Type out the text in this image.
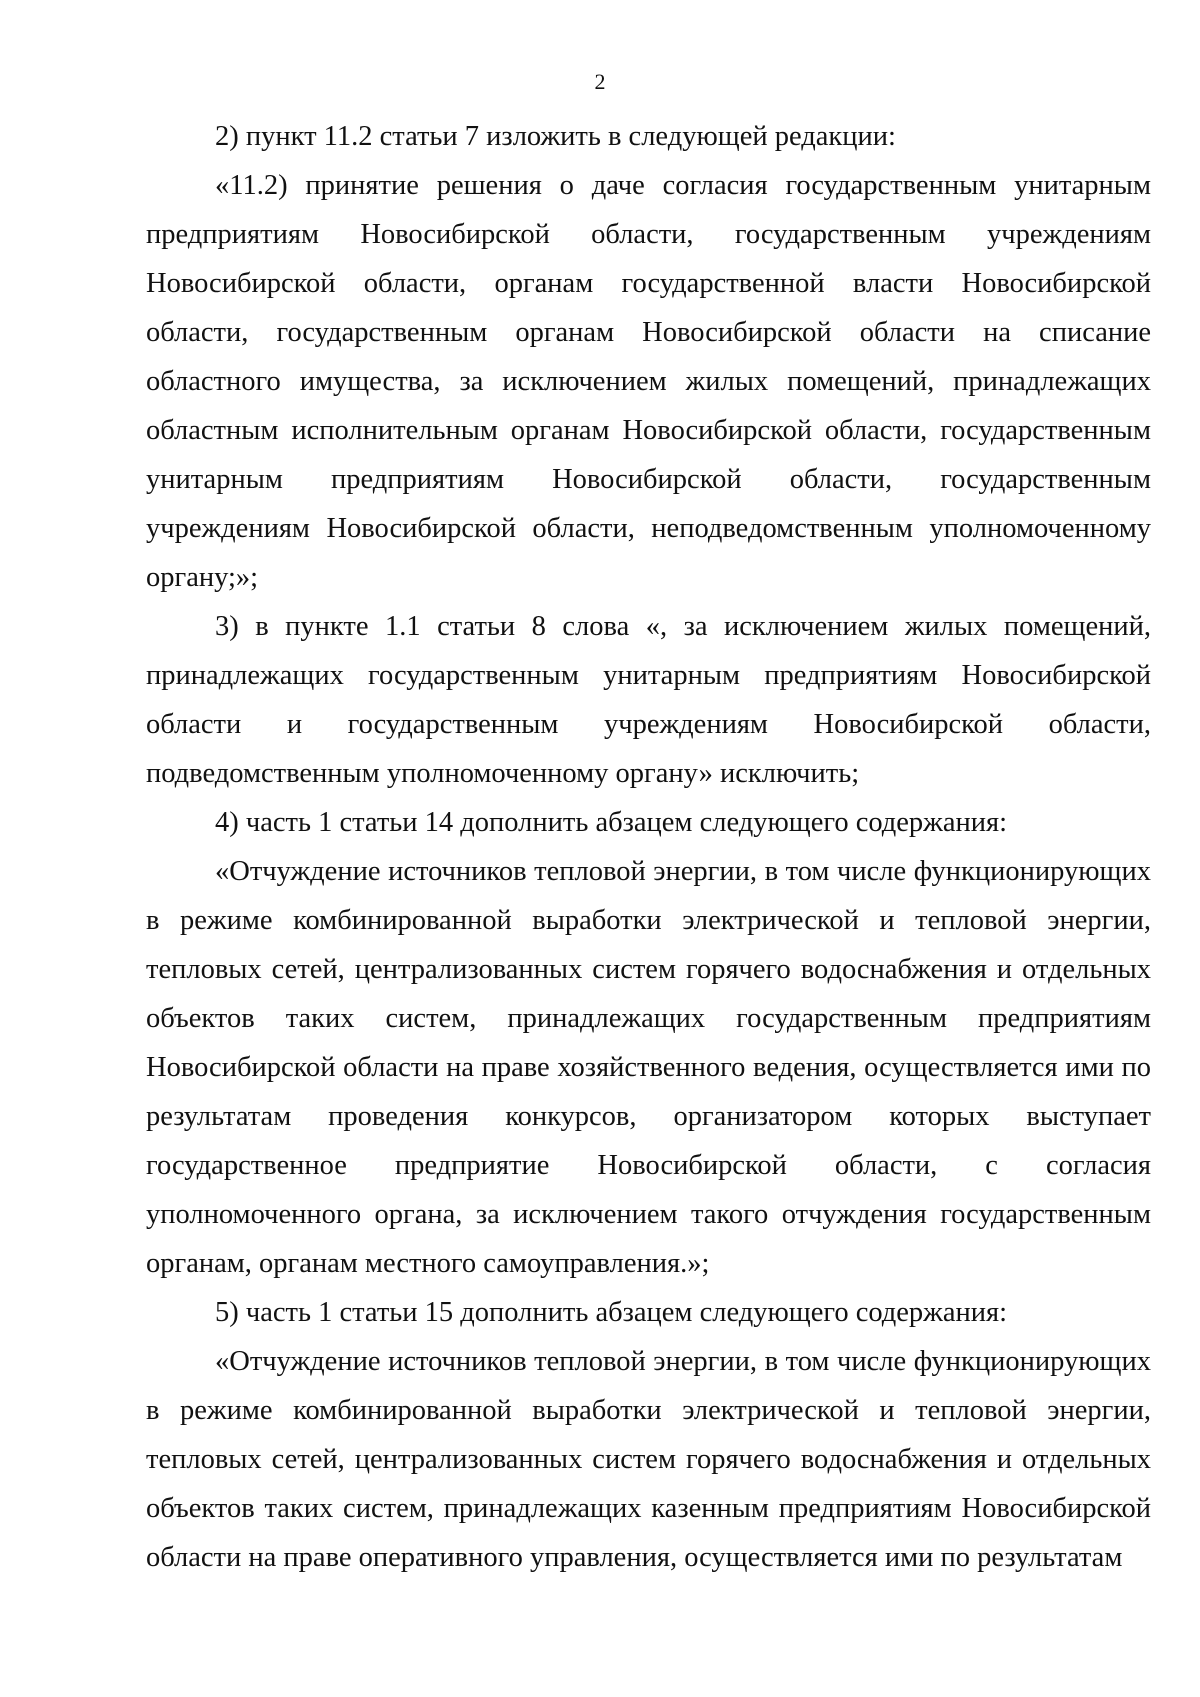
2

2) пункт 11.2 статьи 7 изложить в следующей редакции:

«11.2) принятие решения о даче согласия государственным унитарным предприятиям Новосибирской области, государственным учреждениям Новосибирской области, органам государственной власти Новосибирской области, государственным органам Новосибирской области на списание областного имущества, за исключением жилых помещений, принадлежащих областным исполнительным органам Новосибирской области, государственным унитарным предприятиям Новосибирской области, государственным учреждениям Новосибирской области, неподведомственным уполномоченному органу;»;

3) в пункте 1.1 статьи 8 слова «, за исключением жилых помещений, принадлежащих государственным унитарным предприятиям Новосибирской области и государственным учреждениям Новосибирской области, подведомственным уполномоченному органу» исключить;

4) часть 1 статьи 14 дополнить абзацем следующего содержания:

«Отчуждение источников тепловой энергии, в том числе функционирующих в режиме комбинированной выработки электрической и тепловой энергии, тепловых сетей, централизованных систем горячего водоснабжения и отдельных объектов таких систем, принадлежащих государственным предприятиям Новосибирской области на праве хозяйственного ведения, осуществляется ими по результатам проведения конкурсов, организатором которых выступает государственное предприятие Новосибирской области, с согласия уполномоченного органа, за исключением такого отчуждения государственным органам, органам местного самоуправления.»;

5) часть 1 статьи 15 дополнить абзацем следующего содержания:

«Отчуждение источников тепловой энергии, в том числе функционирующих в режиме комбинированной выработки электрической и тепловой энергии, тепловых сетей, централизованных систем горячего водоснабжения и отдельных объектов таких систем, принадлежащих казенным предприятиям Новосибирской области на праве оперативного управления, осуществляется ими по результатам
